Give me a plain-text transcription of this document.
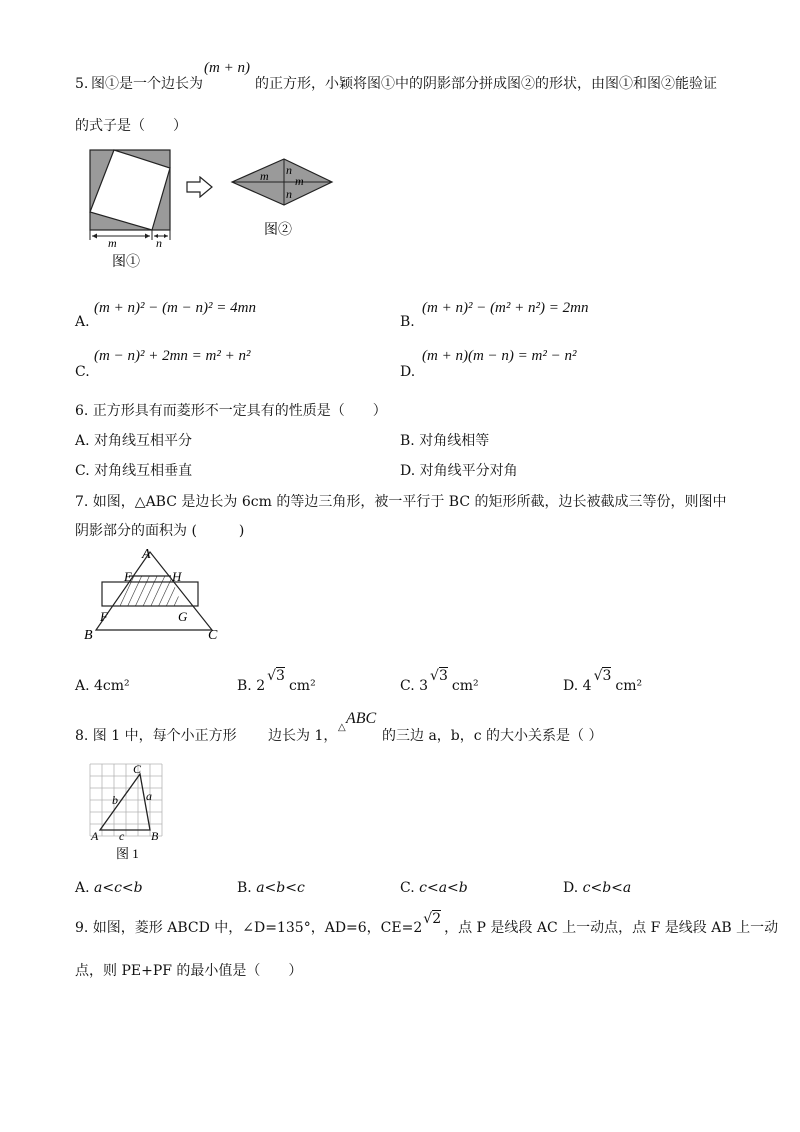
5. 图①是一个边长为
(m + n)
的正方形，小颖将图①中的阴影部分拼成图②的形状，由图①和图②能验证
的式子是（　　）
m	n
图①
m n
m
n
图②
A.
(m + n)² − (m − n)² = 4mn
B.
(m + n)² − (m² + n²) = 2mn
C.
(m − n)² + 2mn = m² + n²
D.
(m + n)(m − n) = m² − n²
6. 正方形具有而菱形不一定具有的性质是（　　）
A. 对角线互相平分	B. 对角线相等
C. 对角线互相垂直	D. 对角线平分对角
7. 如图，△ABC 是边长为 6cm 的等边三角形，被一平行于 BC 的矩形所截，边长被截成三等份，则图中
阴影部分的面积为 (　　　)
A
E	H
F	G
B	C
A. 4cm²	B. 2√3cm²	C. 3√3cm²	D. 4√3cm²
8. 图 1 中，每个小正方形 边长为 1，
△
ABC
的三边 a，b，c 的大小关系是（ ）
C
b a
A c B
图 1
A. a<c<b	B. a<b<c	C. c<a<b	D. c<b<a
9. 如图，菱形 ABCD 中，∠D=135°，AD=6，CE=2√2，点 P 是线段 AC 上一动点，点 F 是线段 AB 上一动
点，则 PE+PF 的最小值是（　　）
